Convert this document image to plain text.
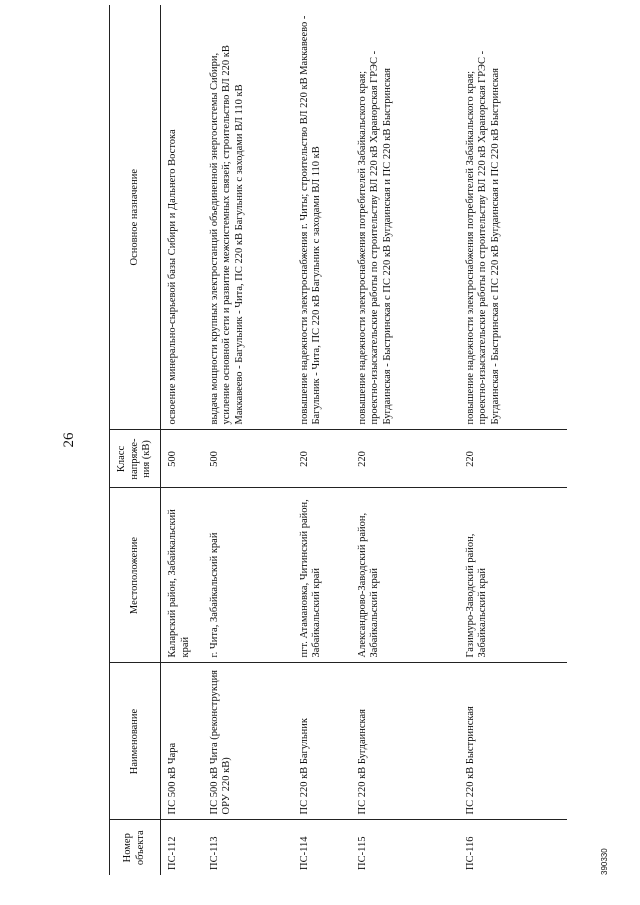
26
Номер объекта	Наименование	Местоположение	Класс напряже-ния (кВ)	Основное назначение
ПС-112	ПС 500 кВ Чара	Каларский район, Забайкальский край	500	освоение минерально-сырьевой базы Сибири и Дальнего Востока
ПС-113	ПС 500 кВ Чита (реконструкция ОРУ 220 кВ)	г. Чита, Забайкальский край	500	выдача мощности крупных электростанций объединенной энергосистемы Сибири, усиление основной сети и развитие межсистемных связей; строительство ВЛ 220 кВ Маккавеево - Багульник - Чита, ПС 220 кВ Багульник с заходами ВЛ 110 кВ
ПС-114	ПС 220 кВ Багульник	пгт. Атамановка, Читинский район, Забайкальский край	220	повышение надежности электроснабжения г. Читы; строительство ВЛ 220 кВ Маккавеево - Багульник - Чита, ПС 220 кВ Багульник с заходами ВЛ 110 кВ
ПС-115	ПС 220 кВ Бугдаинская	Александрово-Заводский район, Забайкальский край	220	повышение надежности электроснабжения потребителей Забайкальского края;
проектно-изыскательские работы по строительству ВЛ 220 кВ Харанорская ГРЭС - Бугдаинская - Быстринская с ПС 220 кВ Бугдаинская и ПС 220 кВ Быстринская
ПС-116	ПС 220 кВ Быстринская	Газимуро-Заводский район, Забайкальский край	220	повышение надежности электроснабжения потребителей Забайкальского края;
проектно-изыскательские работы по строительству ВЛ 220 кВ Харанорская ГРЭС - Бугдаинская - Быстринская с ПС 220 кВ Бугдаинская и ПС 220 кВ Быстринская
390330
